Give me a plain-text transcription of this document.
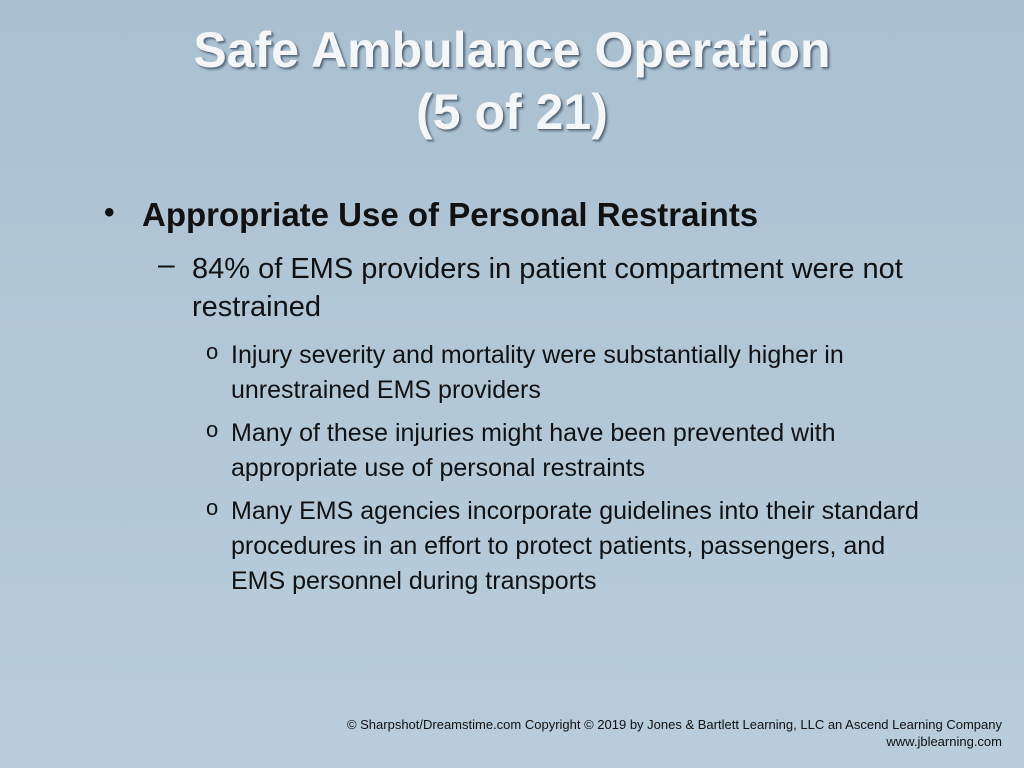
Safe Ambulance Operation
(5 of 21)
• Appropriate Use of Personal Restraints
– 84% of EMS providers in patient compartment were not restrained
o Injury severity and mortality were substantially higher in unrestrained EMS providers
o Many of these injuries might have been prevented with appropriate use of personal restraints
o Many EMS agencies incorporate guidelines into their standard procedures in an effort to protect patients, passengers, and EMS personnel during transports
© Sharpshot/Dreamstime.com Copyright © 2019 by Jones & Bartlett Learning, LLC an Ascend Learning Company
www.jblearning.com
